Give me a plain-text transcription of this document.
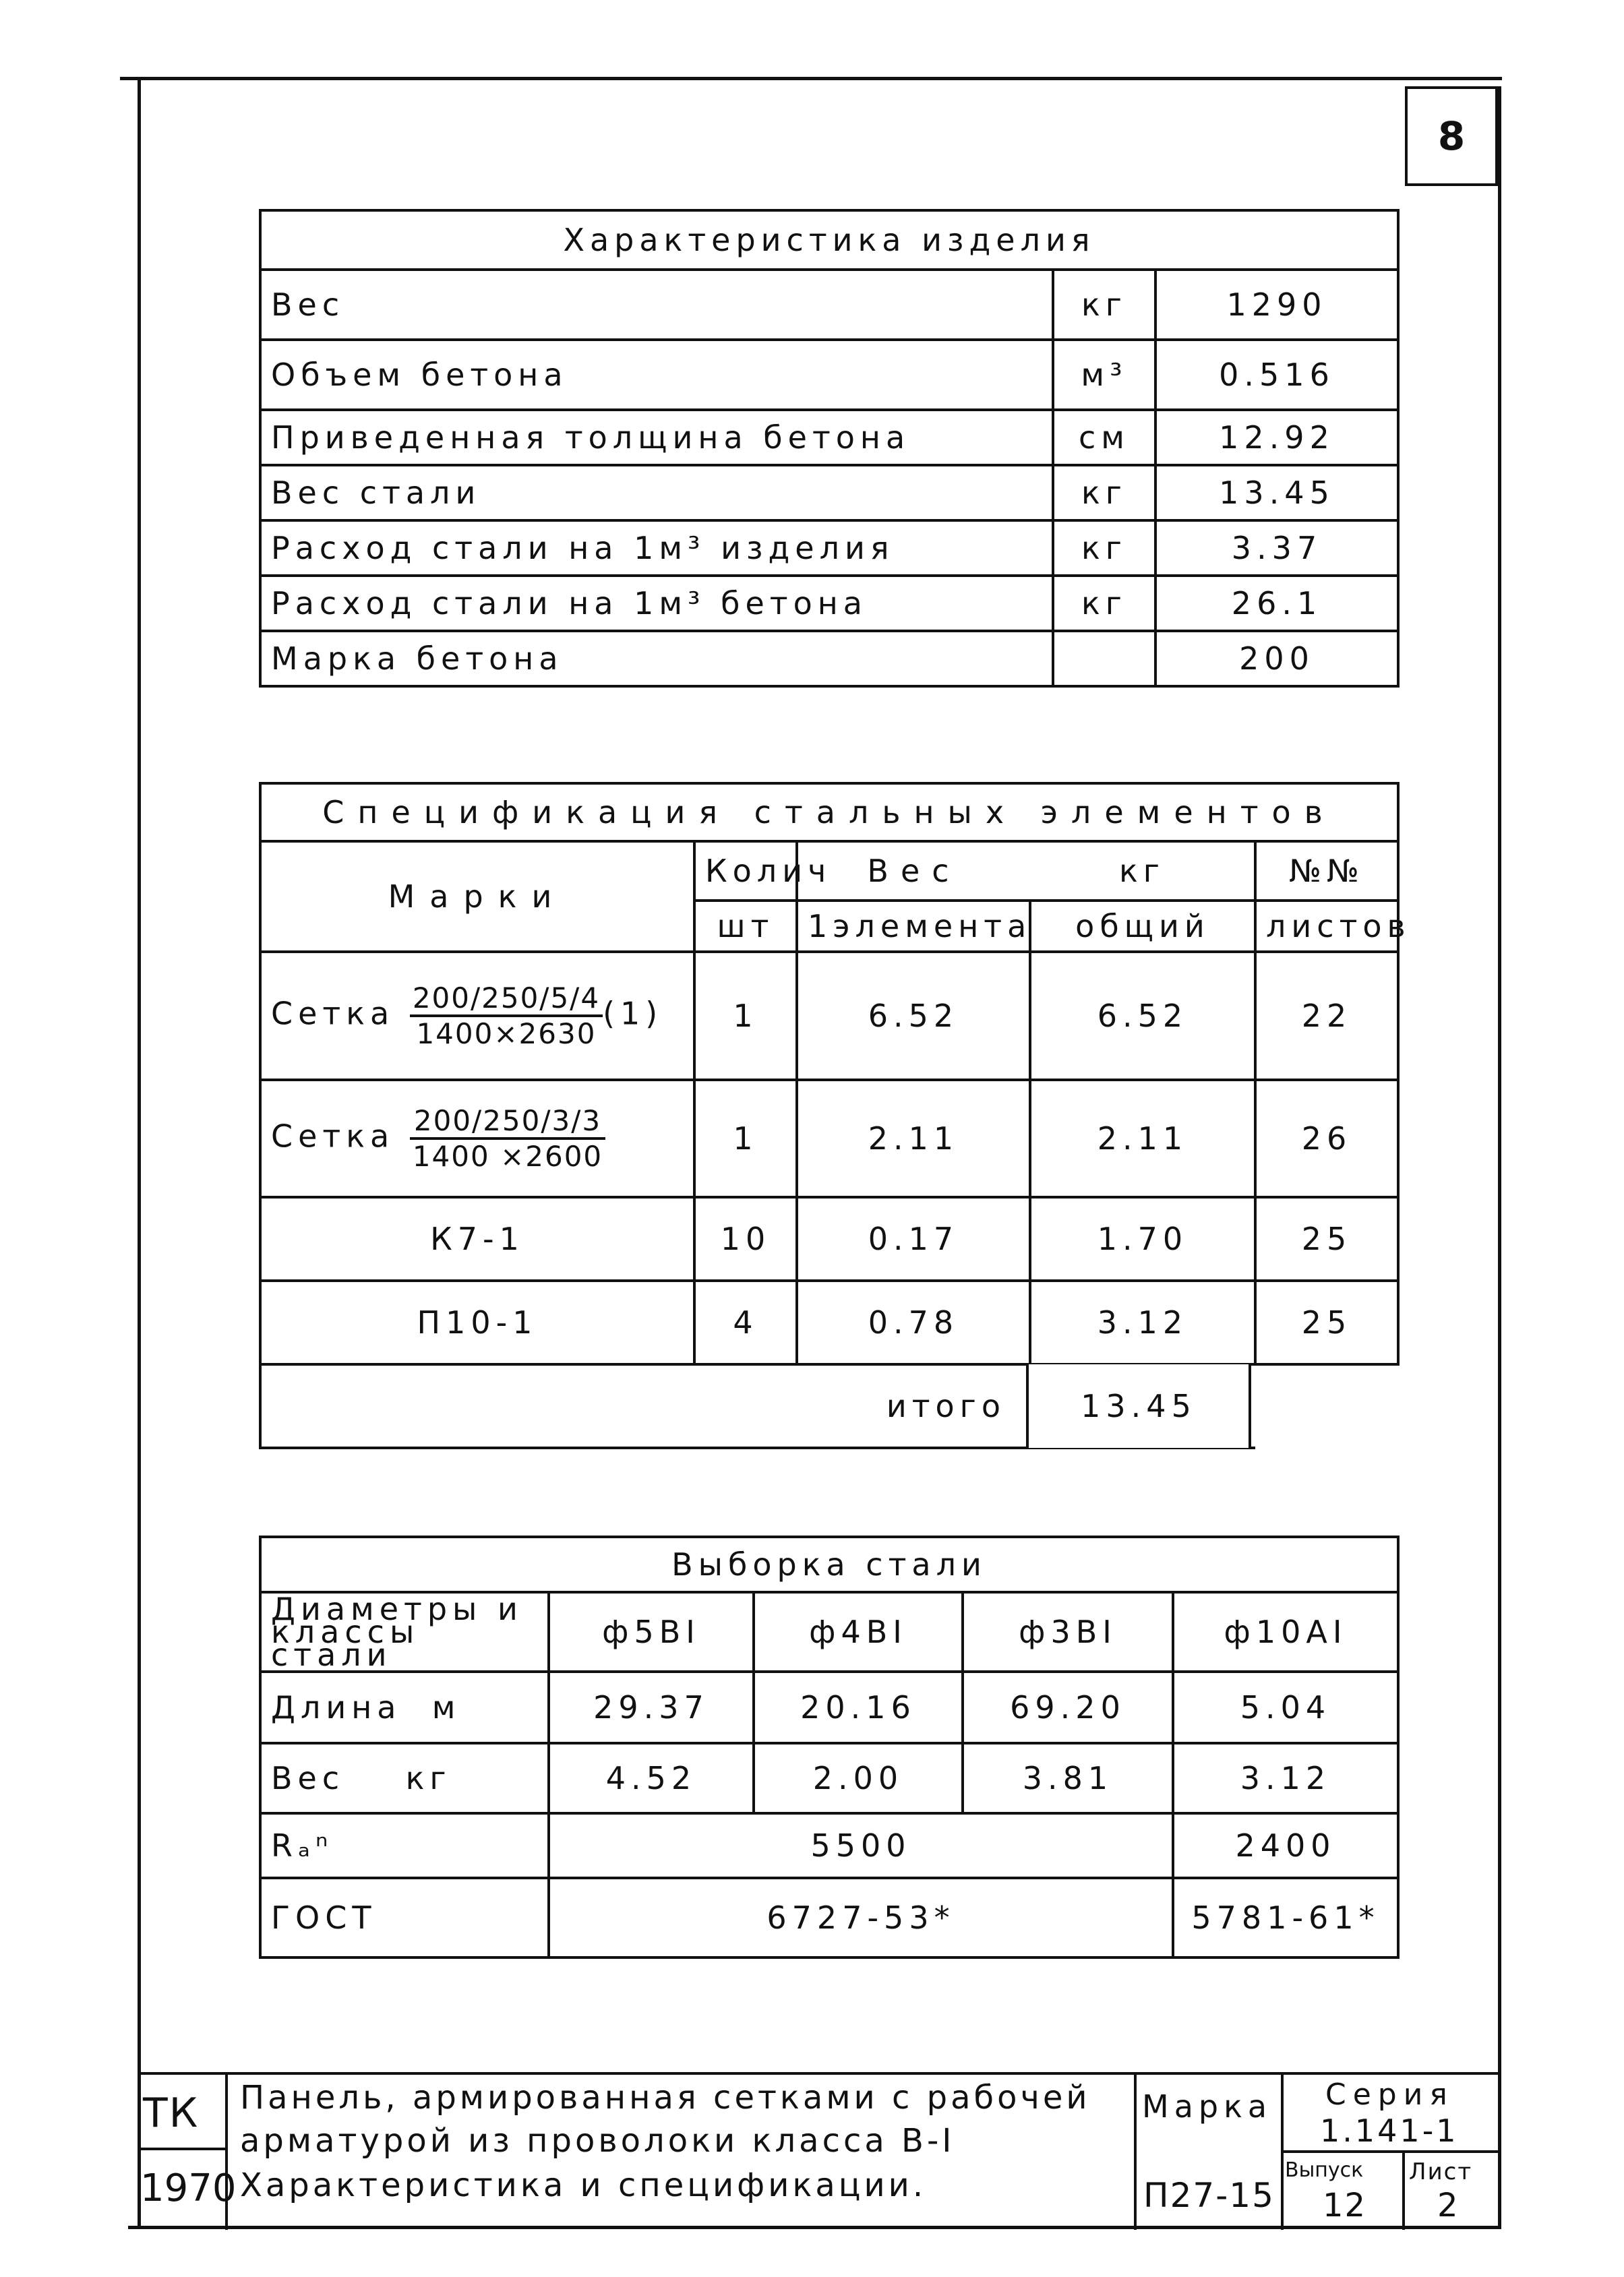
8
Характеристика изделия		
Вес	кг	1290
Объем бетона	м³	0.516
Приведенная толщина бетона	см	12.92
Вес стали	кг	13.45
Расход стали на 1м³ изделия	кг	3.37
Расход стали на 1м³ бетона	кг	26.1
Марка бетона		200
Спецификация стальных элементов				
Марки	Колич	Вес	кг	№№
	шт	1элемента	общий	листов
Сетка $\frac{200/250/5/4}{1400\times 2630} (1)$	1	6.52	6.52	22
Сетка $\frac{200/250/3/3}{1400 \times 2600}$	1	2.11	2.11	26
К7-1	10	0.17	1.70	25
П10-1	4	0.78	3.12	25
итого				13.45
Выборка стали				
Диаметры и классы стали	ф5ВI	ф4ВI	ф3ВI	ф10АI
Длина  м	29.37	20.16	69.20	5.04
Вес    кг	4.52	2.00	3.81	3.12
Rₐⁿ	5500			2400
ГОСТ	6727-53*			5781-61*
ТК
1970
Панель, армированная сетками с рабочей
арматурой из проволоки класса В-I
Характеристика и спецификации.
Марка
П27-15
Серия
1.141-1
Выпуск
12
Лист
2
